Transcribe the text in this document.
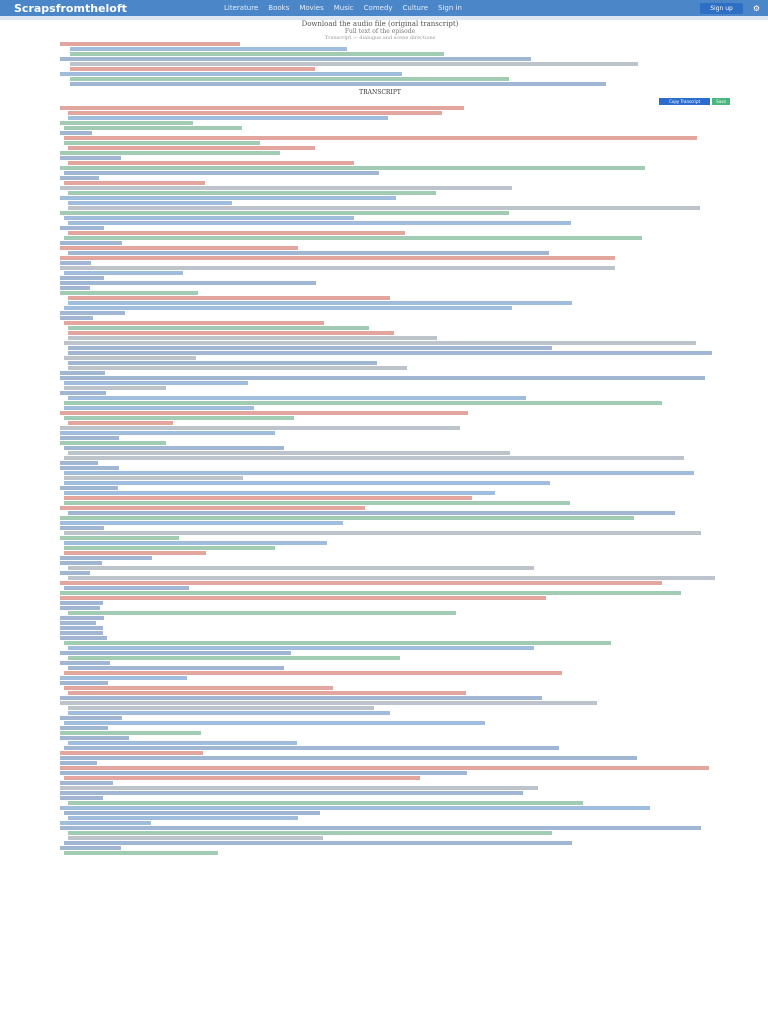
Scrapsfromtheloft	Literature Books Movies Music Comedy Culture Sign in	Sign up	⚙

Download the audio file (original transcript)

Full text of the episode

Transcript — dialogue and scene directions
TRANSCRIPT
Copy Transcript	Save
